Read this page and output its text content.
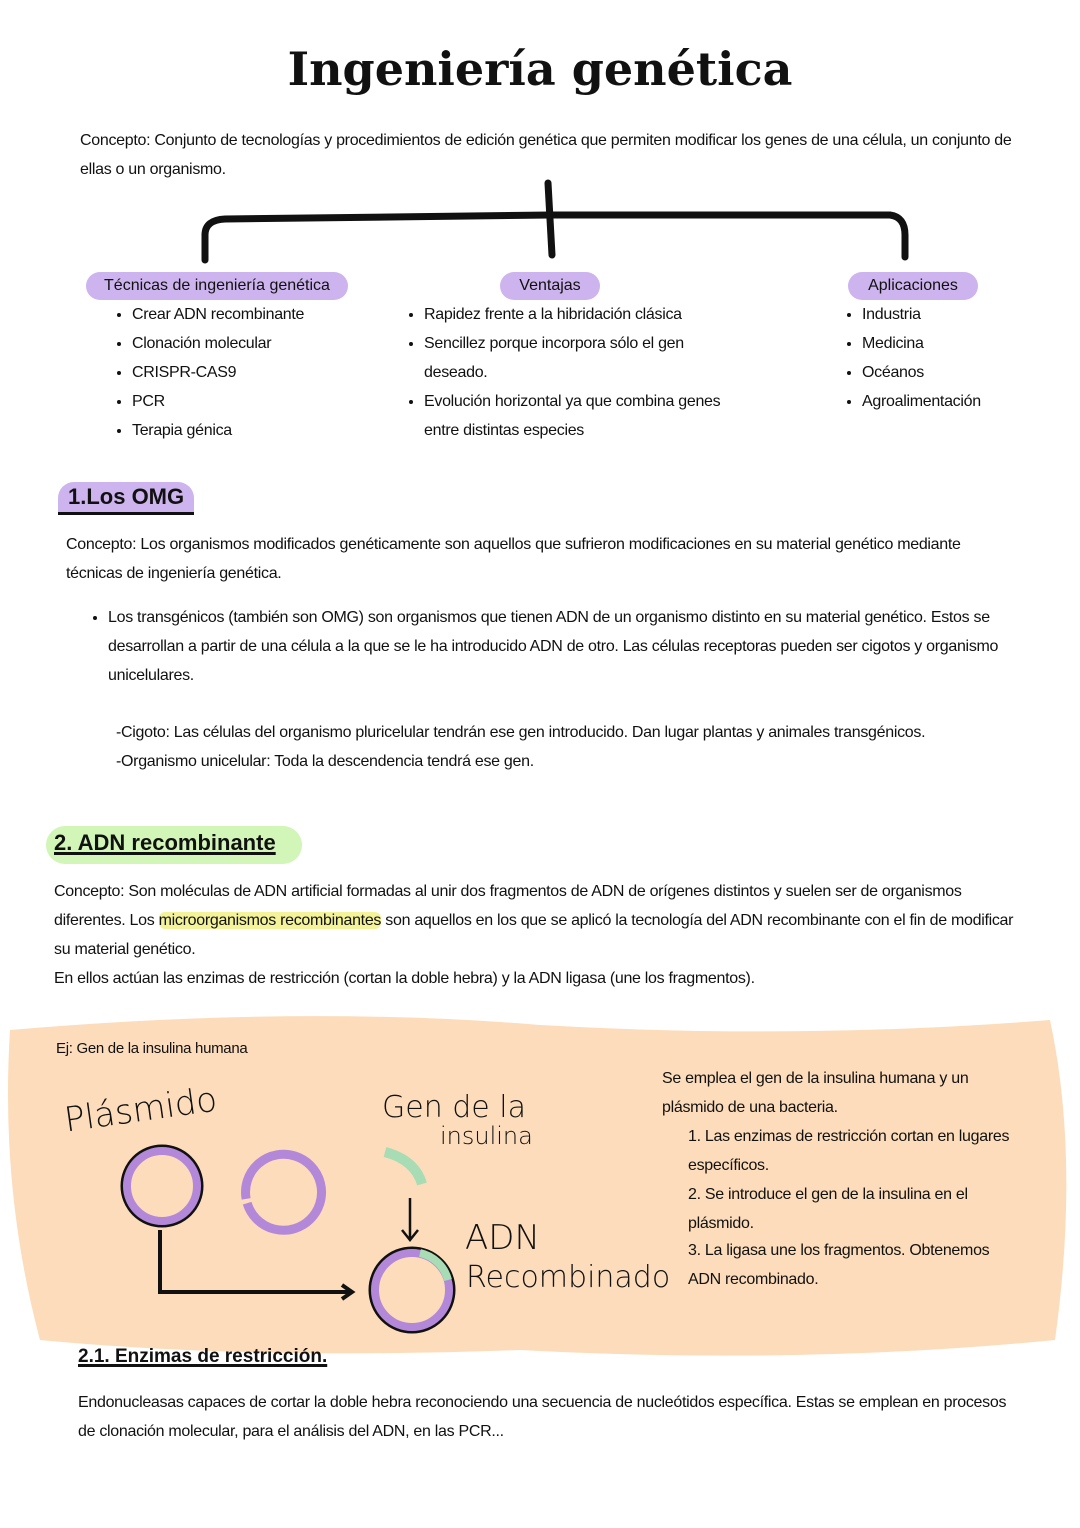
Ingeniería genética
Concepto: Conjunto de tecnologías y procedimientos de edición genética que permiten modificar los genes de una célula, un conjunto de ellas o un organismo.
Técnicas de ingeniería genética	Ventajas	Aplicaciones
• Crear ADN recombinante
• Clonación molecular
• CRISPR-CAS9
• PCR
• Terapia génica
• Rapidez frente a la hibridación clásica
• Sencillez porque incorpora sólo el gen deseado.
• Evolución horizontal ya que combina genes entre distintas especies
• Industria
• Medicina
• Océanos
• Agroalimentación
1.Los OMG
Concepto: Los organismos modificados genéticamente son aquellos que sufrieron modificaciones en su material genético mediante técnicas de ingeniería genética.
• Los transgénicos (también son OMG) son organismos que tienen ADN de un organismo distinto en su material genético. Estos se desarrollan a partir de una célula a la que se le ha introducido ADN de otro. Las células receptoras pueden ser cigotos y organismo unicelulares.
-Cigoto: Las células del organismo pluricelular tendrán ese gen introducido. Dan lugar plantas y animales transgénicos.
-Organismo unicelular: Toda la descendencia tendrá ese gen.
2. ADN recombinante
Concepto: Son moléculas de ADN artificial formadas al unir dos fragmentos de ADN de orígenes distintos y suelen ser de organismos diferentes. Los microorganismos recombinantes son aquellos en los que se aplicó la tecnología del ADN recombinante con el fin de modificar su material genético.
En ellos actúan las enzimas de restricción (cortan la doble hebra) y la ADN ligasa (une los fragmentos).
Ej: Gen de la insulina humana
Plásmido	Gen de la
insulina
ADN
Recombinado
Se emplea el gen de la insulina humana y un plásmido de una bacteria.
1. Las enzimas de restricción cortan en lugares específicos.
2. Se introduce el gen de la insulina en el plásmido.
3. La ligasa une los fragmentos. Obtenemos ADN recombinado.
2.1. Enzimas de restricción.
Endonucleasas capaces de cortar la doble hebra reconociendo una secuencia de nucleótidos específica. Estas se emplean en procesos de clonación molecular, para el análisis del ADN, en las PCR...
